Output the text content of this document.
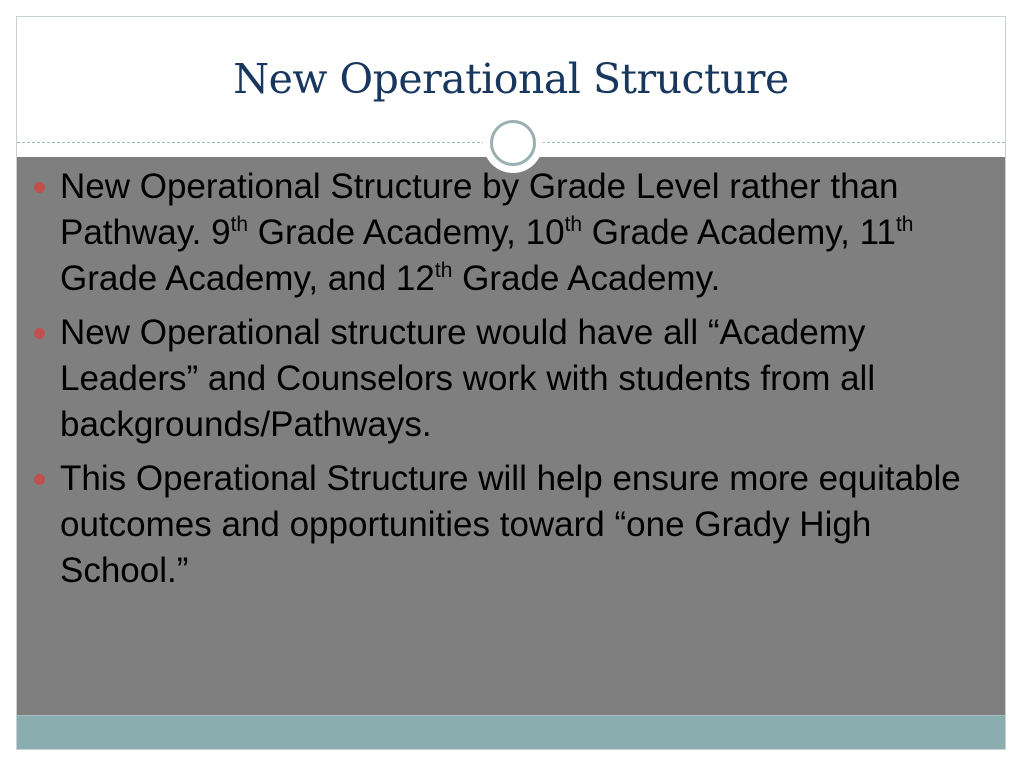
New Operational Structure
New Operational Structure by Grade Level rather than Pathway. 9th Grade Academy, 10th Grade Academy, 11th Grade Academy, and 12th Grade Academy.
New Operational structure would have all “Academy Leaders” and Counselors work with students from all backgrounds/Pathways.
This Operational Structure will help ensure more equitable outcomes and opportunities toward “one Grady High School.”
